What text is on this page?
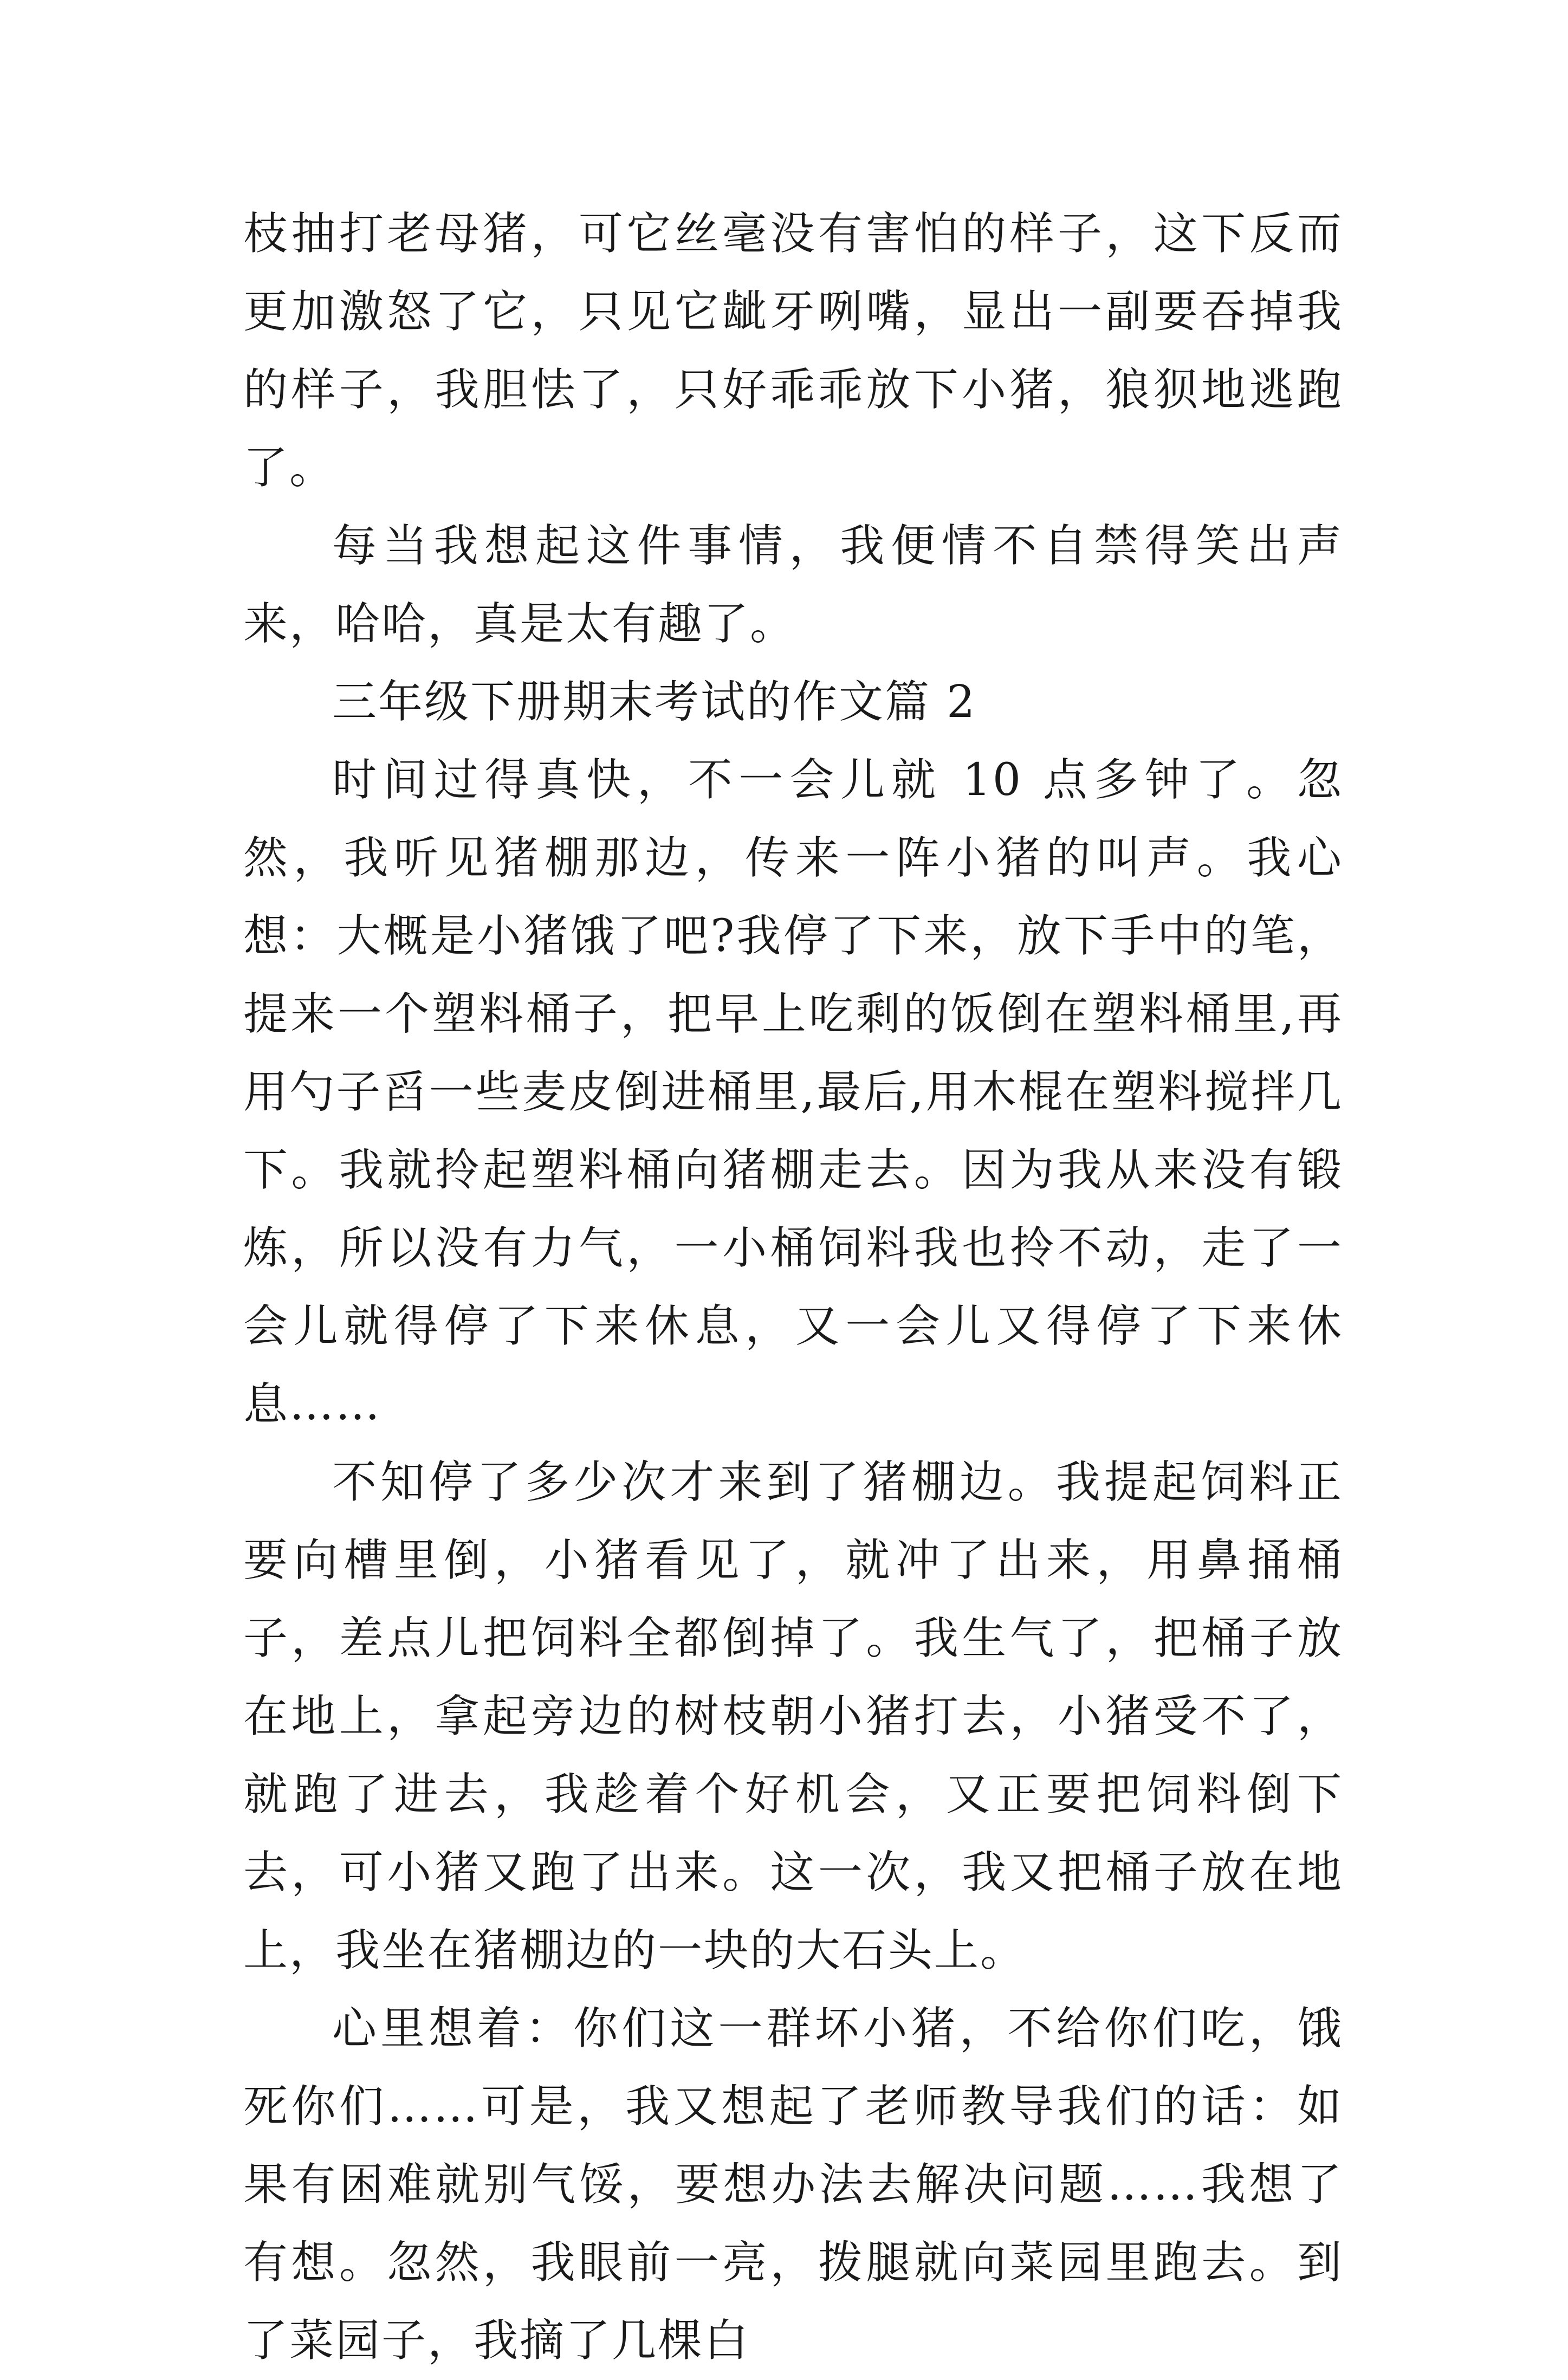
枝抽打老母猪，可它丝毫没有害怕的样子，这下反而更加激怒了它，只见它龇牙咧嘴，显出一副要吞掉我的样子，我胆怯了，只好乖乖放下小猪，狼狈地逃跑了。

每当我想起这件事情，我便情不自禁得笑出声来，哈哈，真是太有趣了。

三年级下册期末考试的作文篇 2

时间过得真快，不一会儿就 10 点多钟了。忽然，我听见猪棚那边，传来一阵小猪的叫声。我心想：大概是小猪饿了吧?我停了下来，放下手中的笔，提来一个塑料桶子，把早上吃剩的饭倒在塑料桶里,再用勺子舀一些麦皮倒进桶里,最后,用木棍在塑料搅拌几下。我就拎起塑料桶向猪棚走去。因为我从来没有锻炼，所以没有力气，一小桶饲料我也拎不动，走了一会儿就得停了下来休息，又一会儿又得停了下来休息……

不知停了多少次才来到了猪棚边。我提起饲料正要向槽里倒，小猪看见了，就冲了出来，用鼻捅桶子，差点儿把饲料全都倒掉了。我生气了，把桶子放在地上，拿起旁边的树枝朝小猪打去，小猪受不了，就跑了进去，我趁着个好机会，又正要把饲料倒下去，可小猪又跑了出来。这一次，我又把桶子放在地上，我坐在猪棚边的一块的大石头上。

心里想着：你们这一群坏小猪，不给你们吃，饿死你们……可是，我又想起了老师教导我们的话：如果有困难就别气馁，要想办法去解决问题……我想了有想。忽然，我眼前一亮，拨腿就向菜园里跑去。到了菜园子，我摘了几棵白
